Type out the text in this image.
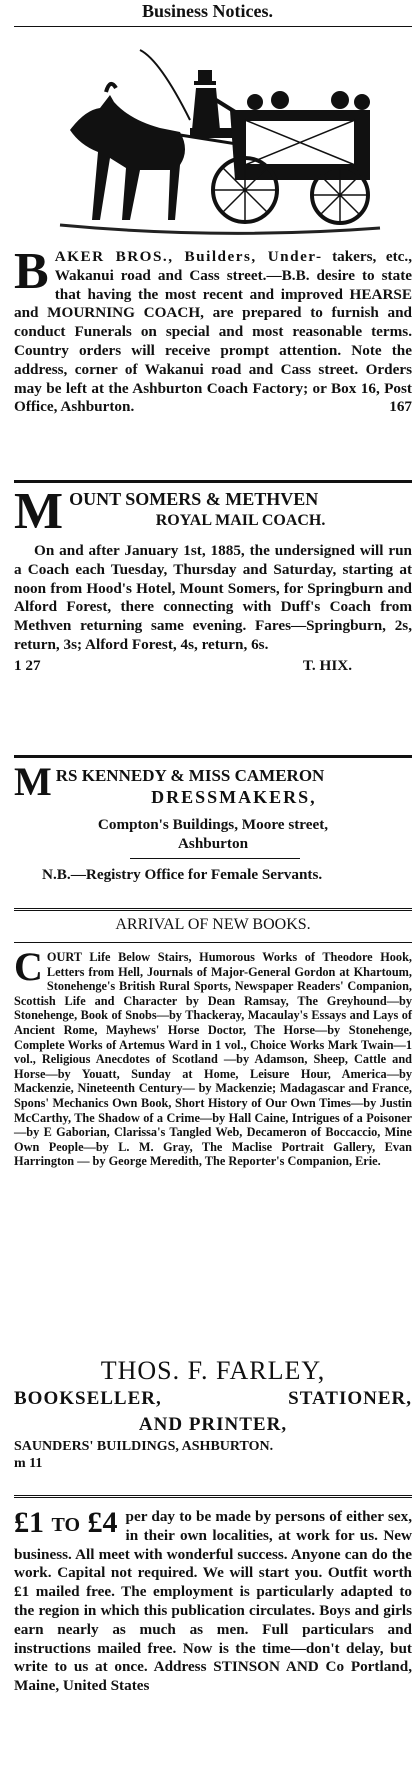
Business Notices.
B AKER BROS., Builders, Under- takers, etc., Wakanui road and Cass street.—B.B. desire to state that having the most recent and improved HEARSE and MOURNING COACH, are prepared to furnish and conduct Funerals on special and most reasonable terms. Country orders will receive prompt attention. Note the address, corner of Wakanui road and Cass street. Orders may be left at the Ashburton Coach Factory; or Box 16, Post Office, Ashburton.	167
M OUNT SOMERS & METHVEN
ROYAL MAIL COACH.

On and after January 1st, 1885, the undersigned will run a Coach each Tuesday, Thursday and Saturday, starting at noon from Hood's Hotel, Mount Somers, for Springburn and Alford Forest, there connecting with Duff's Coach from Methven returning same evening. Fares—Springburn, 2s, return, 3s; Alford Forest, 4s, return, 6s.

1 27	T. HIX.
M RS KENNEDY & MISS CAMERON
DRESSMAKERS,
Compton's Buildings, Moore street,
Ashburton

N.B.—Registry Office for Female Servants.

ARRIVAL OF NEW BOOKS.
C OURT Life Below Stairs, Humorous Works of Theodore Hook, Letters from Hell, Journals of Major-General Gordon at Khartoum, Stonehenge's British Rural Sports, Newspaper Readers' Companion, Scottish Life and Character by Dean Ramsay, The Greyhound—by Stonehenge, Book of Snobs—by Thackeray, Macaulay's Essays and Lays of Ancient Rome, Mayhews' Horse Doctor, The Horse—by Stonehenge, Complete Works of Artemus Ward in 1 vol., Choice Works Mark Twain—1 vol., Religious Anecdotes of Scotland —by Adamson, Sheep, Cattle and Horse—by Youatt, Sunday at Home, Leisure Hour, America—by Mackenzie, Nineteenth Century— by Mackenzie; Madagascar and France, Spons' Mechanics Own Book, Short History of Our Own Times—by Justin McCarthy, The Shadow of a Crime—by Hall Caine, Intrigues of a Poisoner—by E Gaborian, Clarissa's Tangled Web, Decameron of Boccaccio, Mine Own People—by L. M. Gray, The Maclise Portrait Gallery, Evan Harrington — by George Meredith, The Reporter's Companion, Erie.
THOS. F. FARLEY,
BOOKSELLER, STATIONER,
AND PRINTER,
SAUNDERS' BUILDINGS, ASHBURTON.
m 11
£1 TO £4 per day to be made by persons of either sex, in their own localities, at work for us. New business. All meet with wonderful success. Anyone can do the work. Capital not required. We will start you. Outfit worth £1 mailed free. The employment is particularly adapted to the region in which this publication circulates. Boys and girls earn nearly as much as men. Full particulars and instructions mailed free. Now is the time—don't delay, but write to us at once. Address STINSON AND Co Portland, Maine, United States
